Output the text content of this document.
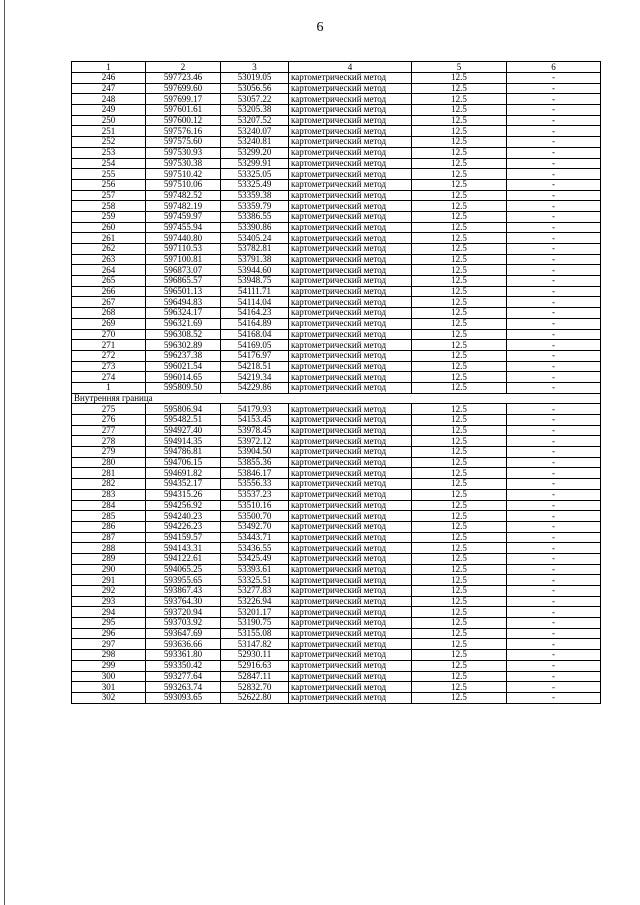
6
1	2	3	4	5	6
246	597723.46	53019.05	картометрический метод	12.5	-
247	597699.60	53056.56	картометрический метод	12.5	-
248	597699.17	53057.22	картометрический метод	12.5	-
249	597601.61	53205.38	картометрический метод	12.5	-
250	597600.12	53207.52	картометрический метод	12.5	-
251	597576.16	53240.07	картометрический метод	12.5	-
252	597575.60	53240.81	картометрический метод	12.5	-
253	597530.93	53299.20	картометрический метод	12.5	-
254	597530.38	53299.91	картометрический метод	12.5	-
255	597510.42	53325.05	картометрический метод	12.5	-
256	597510.06	53325.49	картометрический метод	12.5	-
257	597482.52	53359.38	картометрический метод	12.5	-
258	597482.19	53359.79	картометрический метод	12.5	-
259	597459.97	53386.55	картометрический метод	12.5	-
260	597455.94	53390.86	картометрический метод	12.5	-
261	597440.80	53405.24	картометрический метод	12.5	-
262	597110.53	53782.81	картометрический метод	12.5	-
263	597100.81	53791.38	картометрический метод	12.5	-
264	596873.07	53944.60	картометрический метод	12.5	-
265	596865.57	53948.75	картометрический метод	12.5	-
266	596501.13	54111.71	картометрический метод	12.5	-
267	596494.83	54114.04	картометрический метод	12.5	-
268	596324.17	54164.23	картометрический метод	12.5	-
269	596321.69	54164.89	картометрический метод	12.5	-
270	596308.52	54168.04	картометрический метод	12.5	-
271	596302.89	54169.05	картометрический метод	12.5	-
272	596237.38	54176.97	картометрический метод	12.5	-
273	596021.54	54218.51	картометрический метод	12.5	-
274	596014.65	54219.34	картометрический метод	12.5	-
1	595809.50	54229.86	картометрический метод	12.5	-
Внутренняя граница					
275	595806.94	54179.93	картометрический метод	12.5	-
276	595482.51	54153.45	картометрический метод	12.5	-
277	594927.40	53978.45	картометрический метод	12.5	-
278	594914.35	53972.12	картометрический метод	12.5	-
279	594786.81	53904.50	картометрический метод	12.5	-
280	594706.15	53855.36	картометрический метод	12.5	-
281	594691.82	53846.17	картометрический метод	12.5	-
282	594352.17	53556.33	картометрический метод	12.5	-
283	594315.26	53537.23	картометрический метод	12.5	-
284	594256.92	53510.16	картометрический метод	12.5	-
285	594240.23	53500.70	картометрический метод	12.5	-
286	594226.23	53492.70	картометрический метод	12.5	-
287	594159.57	53443.71	картометрический метод	12.5	-
288	594143.31	53436.55	картометрический метод	12.5	-
289	594122.61	53425.49	картометрический метод	12.5	-
290	594065.25	53393.61	картометрический метод	12.5	-
291	593955.65	53325.51	картометрический метод	12.5	-
292	593867.43	53277.83	картометрический метод	12.5	-
293	593764.30	53226.94	картометрический метод	12.5	-
294	593720.94	53201.17	картометрический метод	12.5	-
295	593703.92	53190.75	картометрический метод	12.5	-
296	593647.69	53155.08	картометрический метод	12.5	-
297	593636.66	53147.82	картометрический метод	12.5	-
298	593361.80	52930.11	картометрический метод	12.5	-
299	593350.42	52916.63	картометрический метод	12.5	-
300	593277.64	52847.11	картометрический метод	12.5	-
301	593263.74	52832.70	картометрический метод	12.5	-
302	593093.65	52622.80	картометрический метод	12.5	-
